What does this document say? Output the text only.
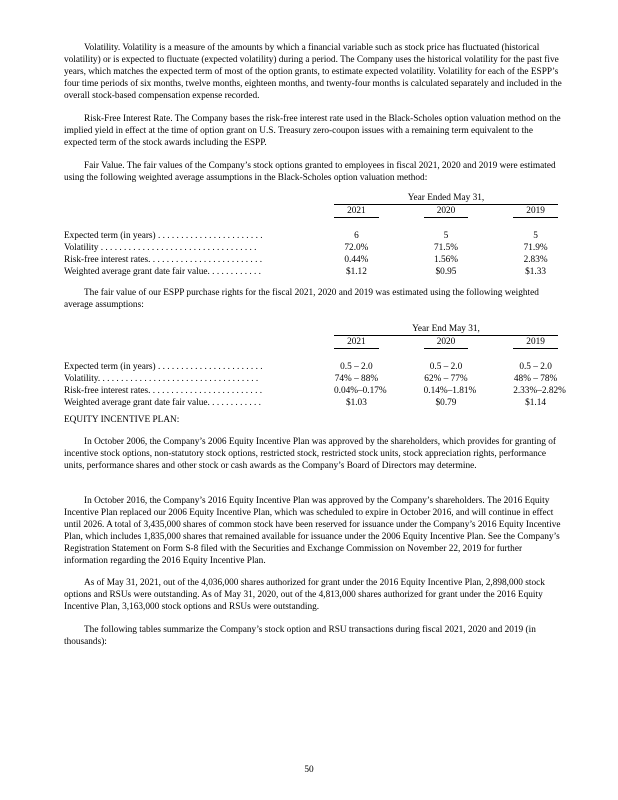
Volatility. Volatility is a measure of the amounts by which a financial variable such as stock price has fluctuated (historical volatility) or is expected to fluctuate (expected volatility) during a period. The Company uses the historical volatility for the past five years, which matches the expected term of most of the option grants, to estimate expected volatility. Volatility for each of the ESPP’s four time periods of six months, twelve months, eighteen months, and twenty-four months is calculated separately and included in the overall stock-based compensation expense recorded.

Risk-Free Interest Rate. The Company bases the risk-free interest rate used in the Black-Scholes option valuation method on the implied yield in effect at the time of option grant on U.S. Treasury zero-coupon issues with a remaining term equivalent to the expected term of the stock awards including the ESPP.

Fair Value. The fair values of the Company’s stock options granted to employees in fiscal 2021, 2020 and 2019 were estimated using the following weighted average assumptions in the Black-Scholes option valuation method:

		Year Ended May 31,				
		2021		2020		2019

Expected term (in years) . . . . . . . . . . . . . . . . . . . . . . .		6		5		5
Volatility . . . . . . . . . . . . . . . . . . . . . . . . . . . . . . . . . .		72.0%		71.5%		71.9%
Risk-free interest rates. . . . . . . . . . . . . . . . . . . . . . . . .		0.44%		1.56%		2.83%
Weighted average grant date fair value. . . . . . . . . . . .		$1.12		$0.95		$1.33

The fair value of our ESPP purchase rights for the fiscal 2021, 2020 and 2019 was estimated using the following weighted average assumptions:

		Year End May 31,				
		2021		2020		2019

Expected term (in years) . . . . . . . . . . . . . . . . . . . . . . .		0.5 – 2.0		0.5 – 2.0		0.5 – 2.0
Volatility. . . . . . . . . . . . . . . . . . . . . . . . . . . . . . . . . . .		74% – 88%		62% – 77%		48% – 78%
Risk-free interest rates. . . . . . . . . . . . . . . . . . . . . . . . .		0.04%–0.17%		0.14%–1.81%		2.33%–2.82%
Weighted average grant date fair value. . . . . . . . . . . .		$1.03		$0.79		$1.14

EQUITY INCENTIVE PLAN:

In October 2006, the Company’s 2006 Equity Incentive Plan was approved by the shareholders, which provides for granting of incentive stock options, non-statutory stock options, restricted stock, restricted stock units, stock appreciation rights, performance units, performance shares and other stock or cash awards as the Company’s Board of Directors may determine.

In October 2016, the Company’s 2016 Equity Incentive Plan was approved by the Company’s shareholders. The 2016 Equity Incentive Plan replaced our 2006 Equity Incentive Plan, which was scheduled to expire in October 2016, and will continue in effect until 2026. A total of 3,435,000 shares of common stock have been reserved for issuance under the Company’s 2016 Equity Incentive Plan, which includes 1,835,000 shares that remained available for issuance under the 2006 Equity Incentive Plan. See the Company’s Registration Statement on Form S-8 filed with the Securities and Exchange Commission on November 22, 2019 for further information regarding the 2016 Equity Incentive Plan.

As of May 31, 2021, out of the 4,036,000 shares authorized for grant under the 2016 Equity Incentive Plan, 2,898,000 stock options and RSUs were outstanding. As of May 31, 2020, out of the 4,813,000 shares authorized for grant under the 2016 Equity Incentive Plan, 3,163,000 stock options and RSUs were outstanding.

The following tables summarize the Company’s stock option and RSU transactions during fiscal 2021, 2020 and 2019 (in thousands):

50
